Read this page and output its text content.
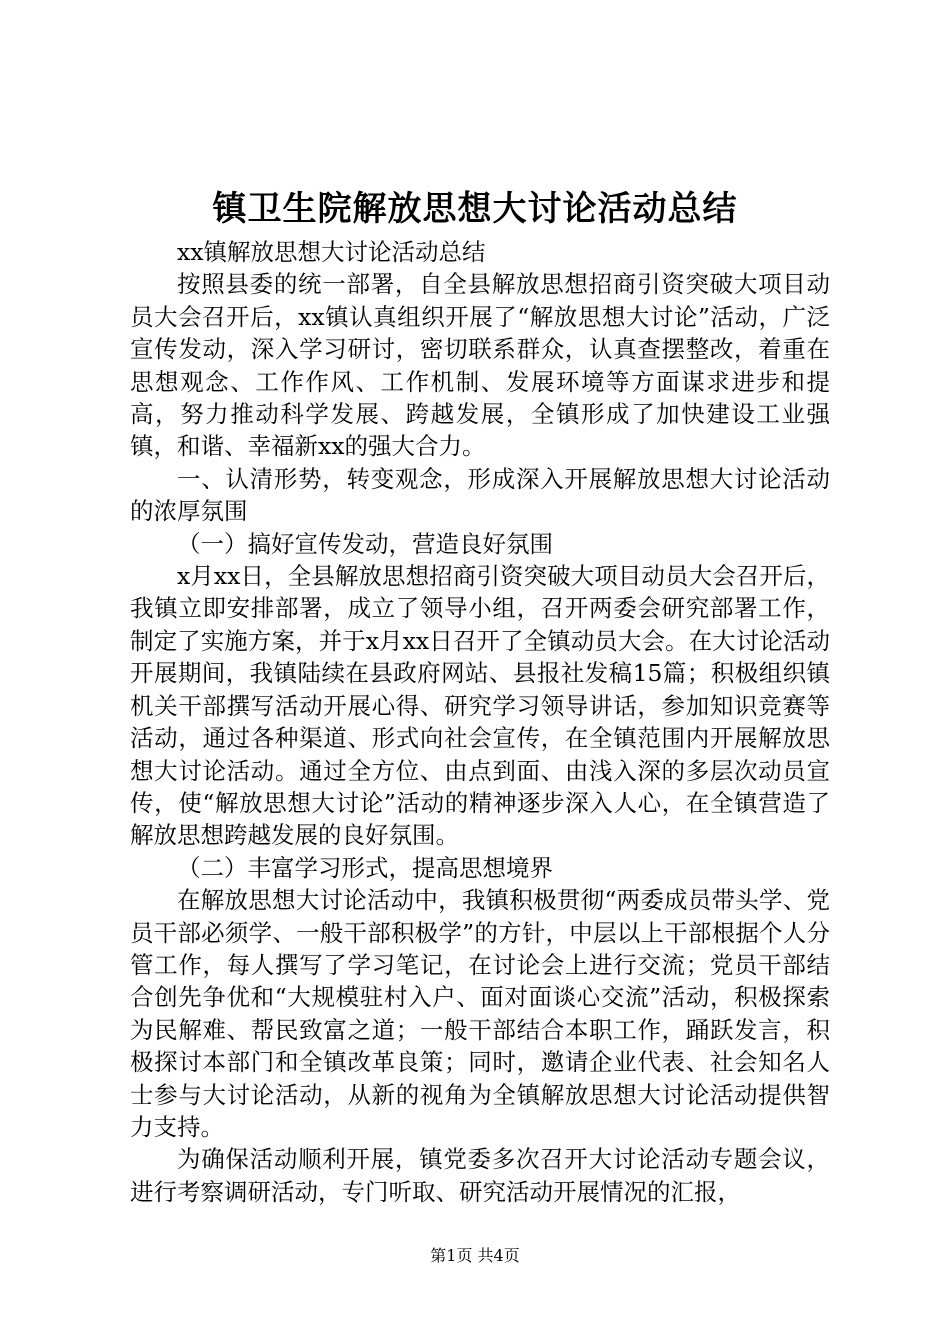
镇卫生院解放思想大讨论活动总结

xx镇解放思想大讨论活动总结

按照县委的统一部署，自全县解放思想招商引资突破大项目动员大会召开后，xx镇认真组织开展了“解放思想大讨论”活动，广泛宣传发动，深入学习研讨，密切联系群众，认真查摆整改，着重在思想观念、工作作风、工作机制、发展环境等方面谋求进步和提高，努力推动科学发展、跨越发展，全镇形成了加快建设工业强镇，和谐、幸福新xx的强大合力。

一、认清形势，转变观念，形成深入开展解放思想大讨论活动的浓厚氛围

（一）搞好宣传发动，营造良好氛围

x月xx日，全县解放思想招商引资突破大项目动员大会召开后，我镇立即安排部署，成立了领导小组，召开两委会研究部署工作，制定了实施方案，并于x月xx日召开了全镇动员大会。在大讨论活动开展期间，我镇陆续在县政府网站、县报社发稿15篇；积极组织镇机关干部撰写活动开展心得、研究学习领导讲话，参加知识竞赛等活动，通过各种渠道、形式向社会宣传，在全镇范围内开展解放思想大讨论活动。通过全方位、由点到面、由浅入深的多层次动员宣传，使“解放思想大讨论”活动的精神逐步深入人心，在全镇营造了解放思想跨越发展的良好氛围。

（二）丰富学习形式，提高思想境界

在解放思想大讨论活动中，我镇积极贯彻“两委成员带头学、党员干部必须学、一般干部积极学”的方针，中层以上干部根据个人分管工作，每人撰写了学习笔记，在讨论会上进行交流；党员干部结合创先争优和“大规模驻村入户、面对面谈心交流”活动，积极探索为民解难、帮民致富之道；一般干部结合本职工作，踊跃发言，积极探讨本部门和全镇改革良策；同时，邀请企业代表、社会知名人士参与大讨论活动，从新的视角为全镇解放思想大讨论活动提供智力支持。

为确保活动顺利开展，镇党委多次召开大讨论活动专题会议，进行考察调研活动，专门听取、研究活动开展情况的汇报，

第1页 共4页
